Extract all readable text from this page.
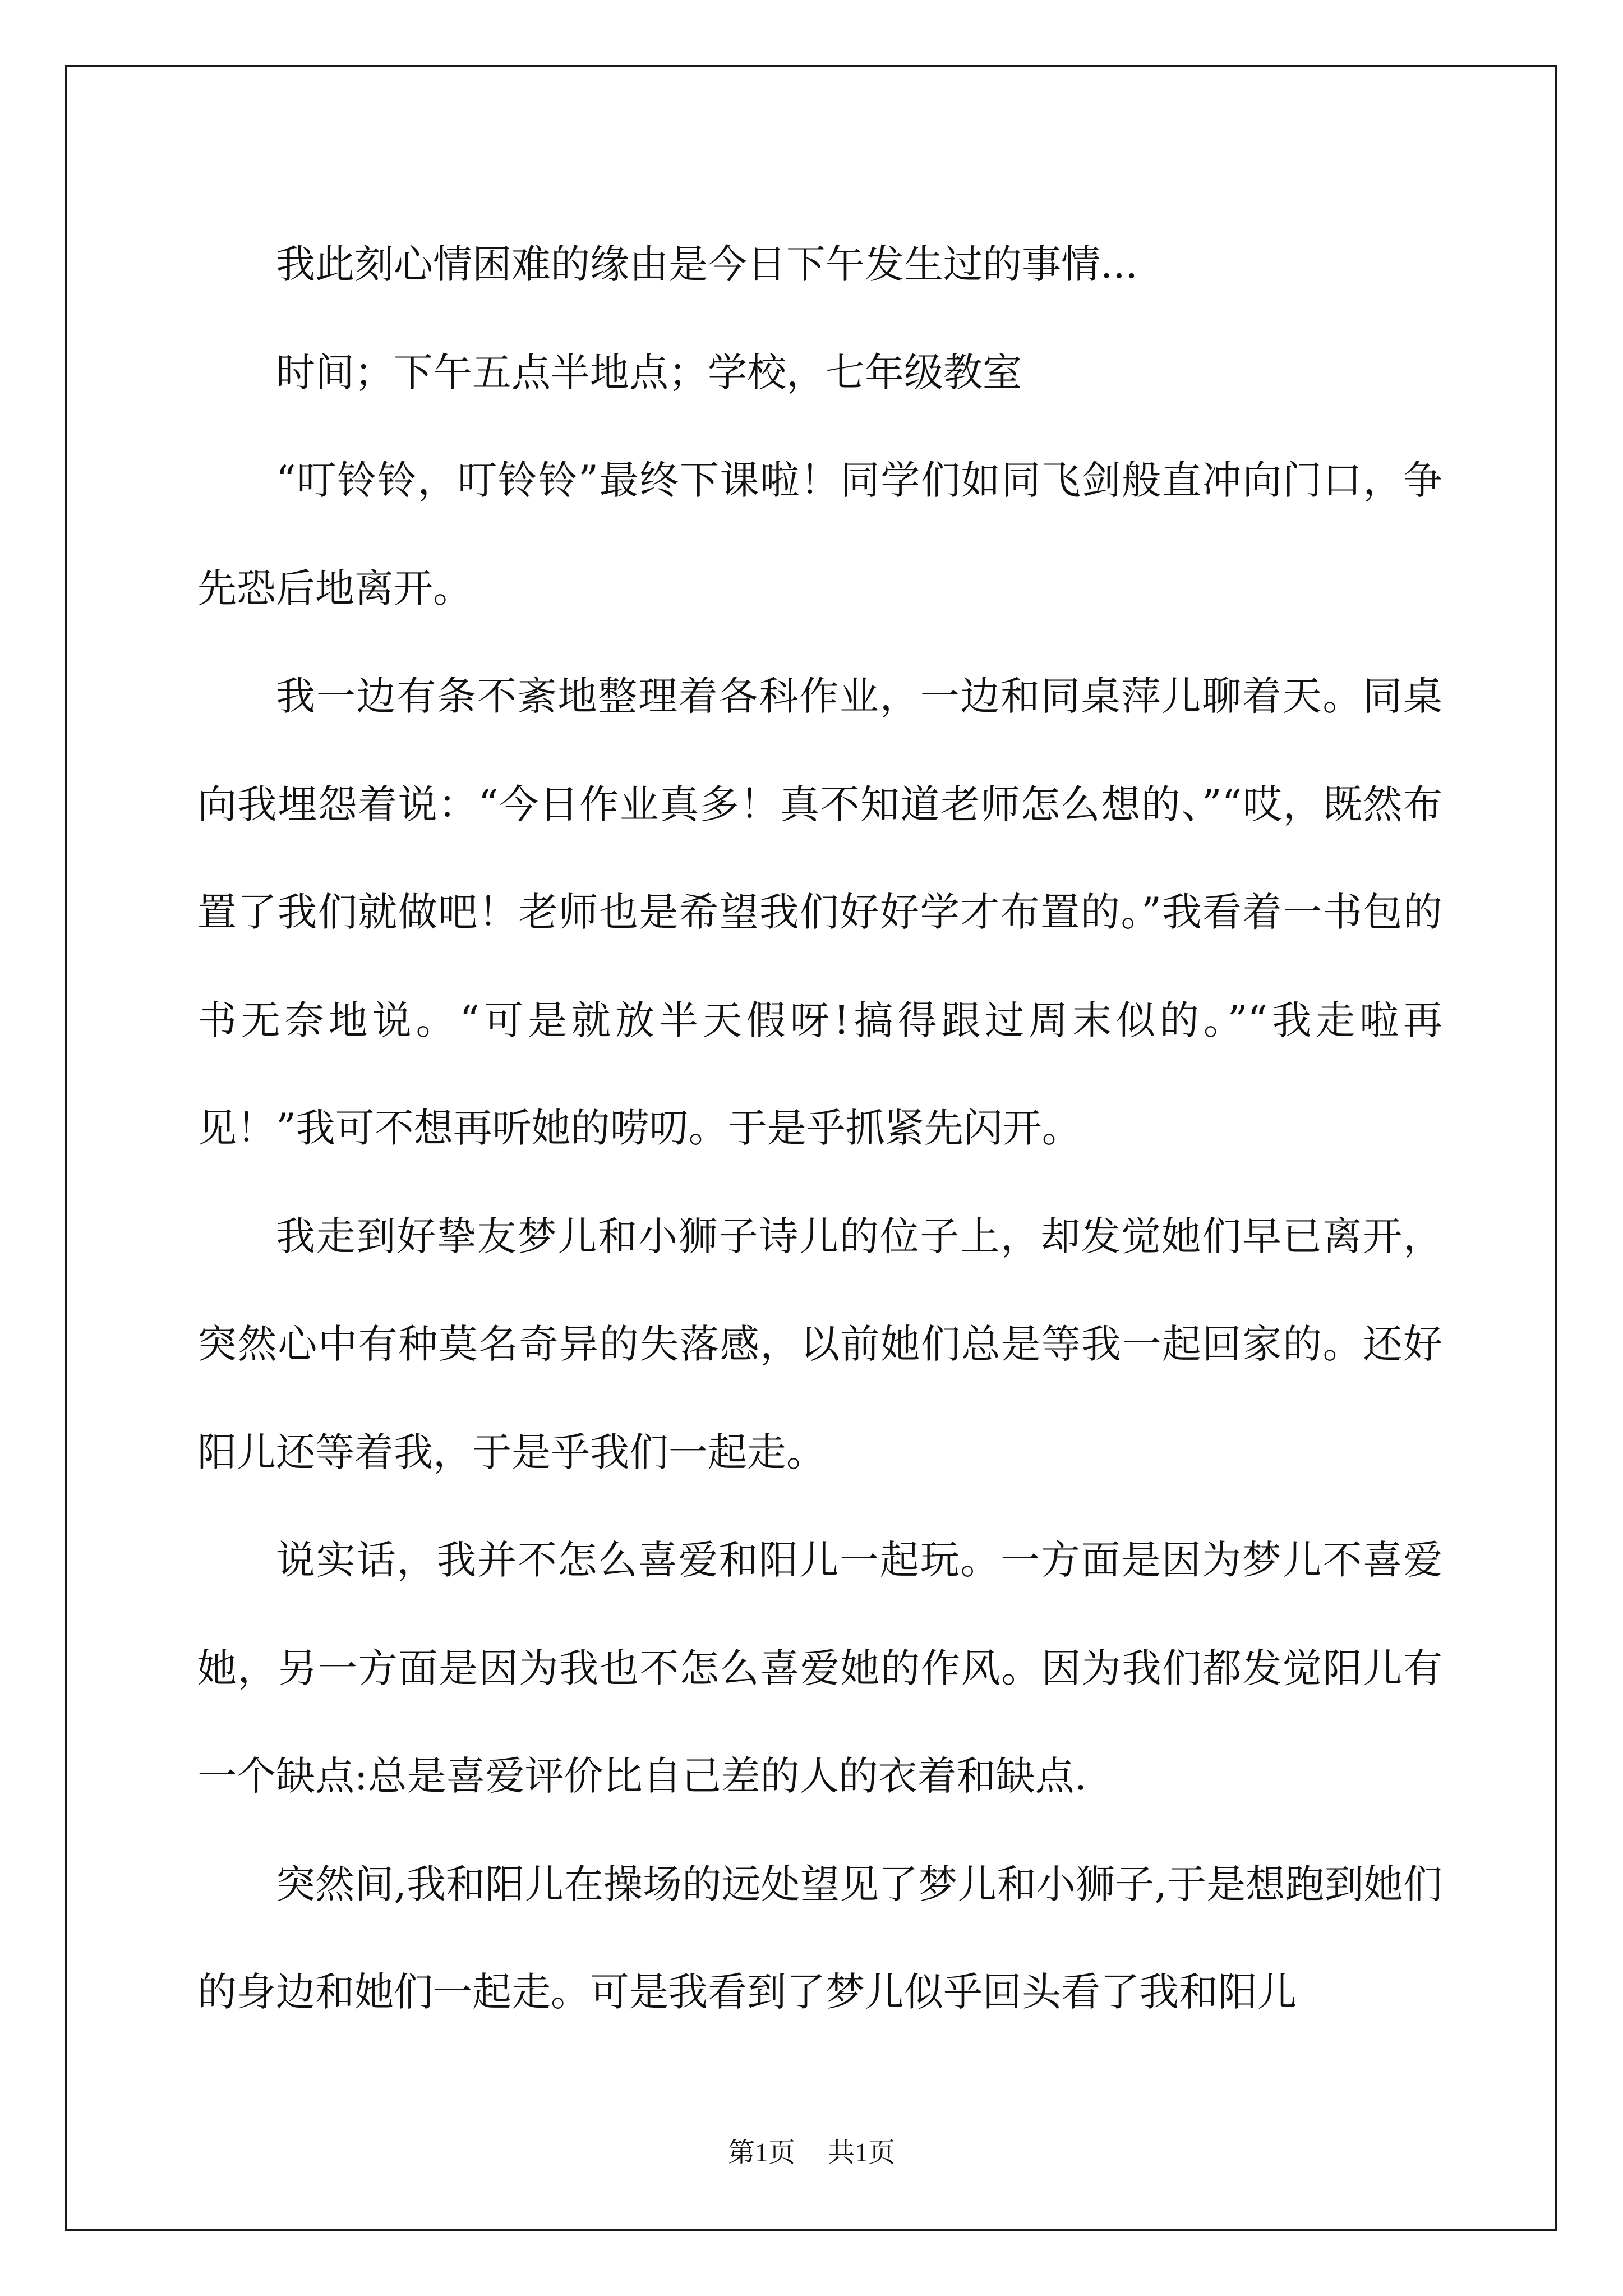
我此刻心情困难的缘由是今日下午发生过的事情...

时间；下午五点半地点；学校，七年级教室

“叮铃铃，叮铃铃”最终下课啦！同学们如同飞剑般直冲向门口，争先恐后地离开。

我一边有条不紊地整理着各科作业，一边和同桌萍儿聊着天。同桌向我埋怨着说：“今日作业真多！真不知道老师怎么想的、”“哎，既然布置了我们就做吧！老师也是希望我们好好学才布置的。”我看着一书包的书无奈地说。“可是就放半天假呀!搞得跟过周末似的。”“我走啦再见！”我可不想再听她的唠叨。于是乎抓紧先闪开。

我走到好挚友梦儿和小狮子诗儿的位子上，却发觉她们早已离开，突然心中有种莫名奇异的失落感，以前她们总是等我一起回家的。还好阳儿还等着我，于是乎我们一起走。

说实话，我并不怎么喜爱和阳儿一起玩。一方面是因为梦儿不喜爱她，另一方面是因为我也不怎么喜爱她的作风。因为我们都发觉阳儿有一个缺点:总是喜爱评价比自己差的人的衣着和缺点.

突然间,我和阳儿在操场的远处望见了梦儿和小狮子,于是想跑到她们的身边和她们一起走。可是我看到了梦儿似乎回头看了我和阳儿

第1页 共1页
